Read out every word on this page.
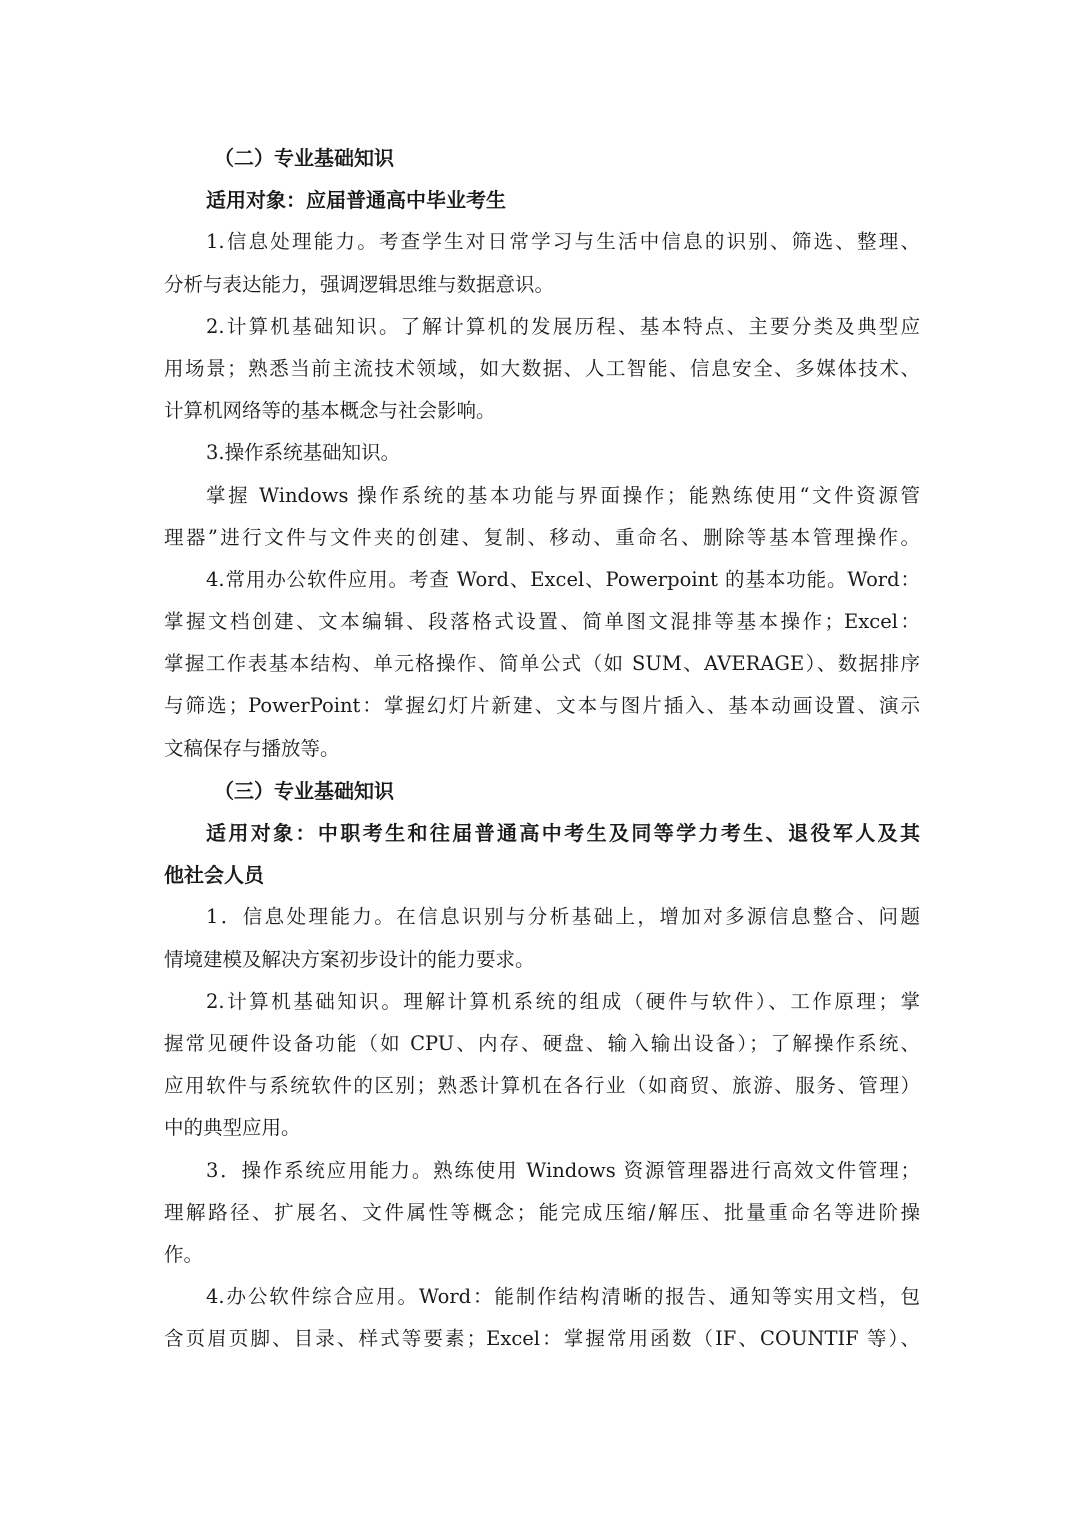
（二）专业基础知识
适用对象：应届普通高中毕业考生
1.信息处理能力。考查学生对日常学习与生活中信息的识别、筛选、整理、
分析与表达能力，强调逻辑思维与数据意识。
2.计算机基础知识。了解计算机的发展历程、基本特点、主要分类及典型应
用场景；熟悉当前主流技术领域，如大数据、人工智能、信息安全、多媒体技术、
计算机网络等的基本概念与社会影响。
3.操作系统基础知识。
掌握 Windows 操作系统的基本功能与界面操作；能熟练使用“文件资源管
理器”进行文件与文件夹的创建、复制、移动、重命名、删除等基本管理操作。
4.常用办公软件应用。考查 Word、Excel、Powerpoint 的基本功能。Word：
掌握文档创建、文本编辑、段落格式设置、简单图文混排等基本操作；Excel：
掌握工作表基本结构、单元格操作、简单公式（如 SUM、AVERAGE）、数据排序
与筛选；PowerPoint：掌握幻灯片新建、文本与图片插入、基本动画设置、演示
文稿保存与播放等。
（三）专业基础知识
适用对象：中职考生和往届普通高中考生及同等学力考生、退役军人及其
他社会人员
1．信息处理能力。在信息识别与分析基础上，增加对多源信息整合、问题
情境建模及解决方案初步设计的能力要求。
2.计算机基础知识。理解计算机系统的组成（硬件与软件）、工作原理；掌
握常见硬件设备功能（如 CPU、内存、硬盘、输入输出设备）；了解操作系统、
应用软件与系统软件的区别；熟悉计算机在各行业（如商贸、旅游、服务、管理）
中的典型应用。
3．操作系统应用能力。熟练使用 Windows 资源管理器进行高效文件管理；
理解路径、扩展名、文件属性等概念；能完成压缩/解压、批量重命名等进阶操
作。
4.办公软件综合应用。Word：能制作结构清晰的报告、通知等实用文档，包
含页眉页脚、目录、样式等要素；Excel：掌握常用函数（IF、COUNTIF 等）、
